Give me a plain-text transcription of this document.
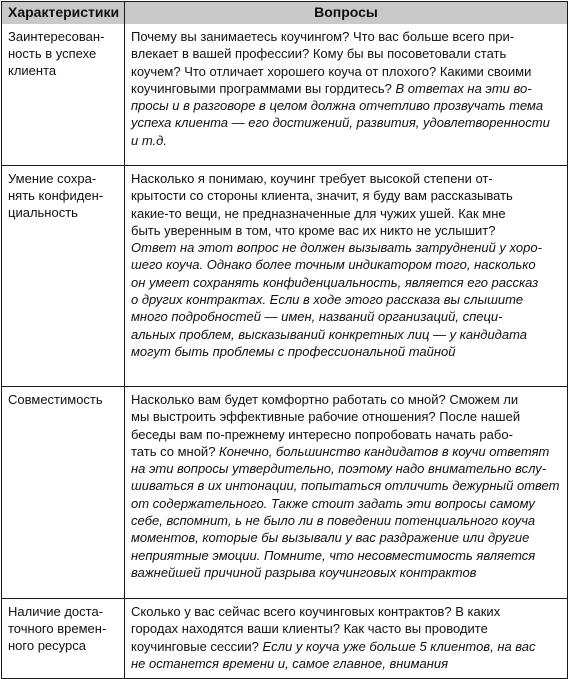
Характеристики	Вопросы
Заинтересован-
ность в успехе
клиента
Почему вы занимаетесь коучингом? Что вас больше всего при-
влекает в вашей профессии? Кому бы вы посоветовали стать
коучем? Что отличает хорошего коуча от плохого? Какими своими
коучинговыми программами вы гордитесь? В ответах на эти во-
просы и в разговоре в целом должна отчетливо прозвучать тема
успеха клиента — его достижений, развития, удовлетворенности
и т.д.
Умение сохра-
нять конфиден-
циальность
Насколько я понимаю, коучинг требует высокой степени от-
крытости со стороны клиента, значит, я буду вам рассказывать
какие-то вещи, не предназначенные для чужих ушей. Как мне
быть уверенным в том, что кроме вас их никто не услышит?
Ответ на этот вопрос не должен вызывать затруднений у хоро-
шего коуча. Однако более точным индикатором того, насколько
он умеет сохранять конфиденциальность, является его рассказ
о других контрактах. Если в ходе этого рассказа вы слышите
много подробностей — имен, названий организаций, специ-
альных проблем, высказываний конкретных лиц — у кандидата
могут быть проблемы с профессиональной тайной
Совместимость	Насколько вам будет комфортно работать со мной? Сможем ли
мы выстроить эффективные рабочие отношения? После нашей
беседы вам по-прежнему интересно попробовать начать рабо-
тать со мной? Конечно, большинство кандидатов в коучи ответят
на эти вопросы утвердительно, поэтому надо внимательно вслу-
шиваться в их интонации, попытаться отличить дежурный ответ
от содержательного. Также стоит задать эти вопросы самому
себе, вспомнит, ь не было ли в поведении потенциального коуча
моментов, которые бы вызывали у вас раздражение или другие
неприятные эмоции. Помните, что несовместимость является
важнейшей причиной разрыва коучинговых контрактов
Наличие доста-
точного времен-
ного ресурса
Сколько у вас сейчас всего коучинговых контрактов? В каких
городах находятся ваши клиенты? Как часто вы проводите
коучинговые сессии? Если у коуча уже больше 5 клиентов, на вас
не останется времени и, самое главное, внимания
